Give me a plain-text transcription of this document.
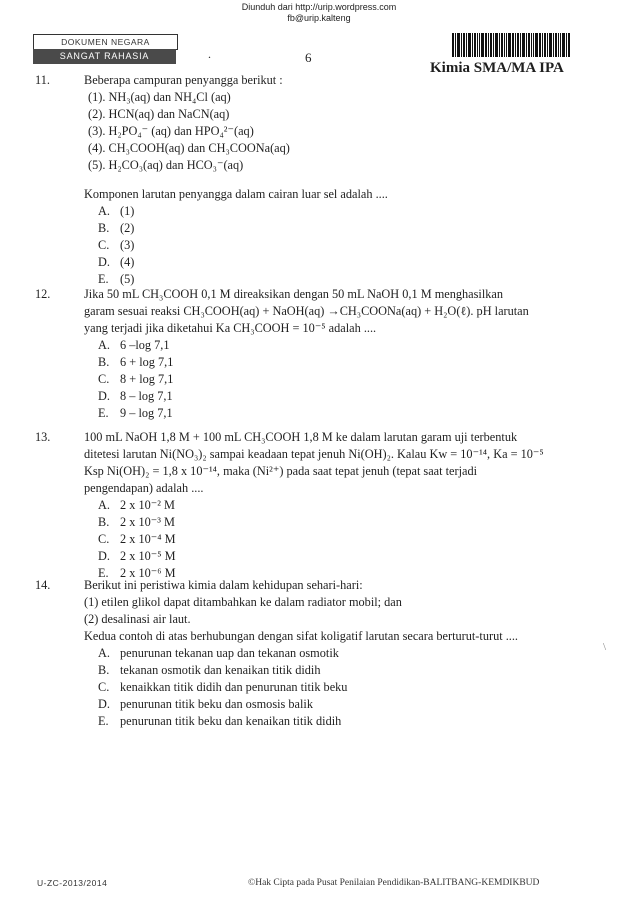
Diunduh dari http://urip.wordpress.com
fb@urip.kalteng
DOKUMEN NEGARA
SANGAT RAHASIA	.	6
Kimia SMA/MA IPA
11.	Beberapa campuran penyangga berikut :
(1). NH₃(aq) dan NH₄Cl (aq)
(2). HCN(aq) dan NaCN(aq)
(3). H₂PO₄⁻ (aq) dan HPO₄²⁻(aq)
(4). CH₃COOH(aq) dan CH₃COONa(aq)
(5). H₂CO₃(aq) dan HCO₃⁻(aq)
Komponen larutan penyangga dalam cairan luar sel adalah ....
A. (1)
B. (2)
C. (3)
D. (4)
E. (5)
12.	Jika 50 mL CH₃COOH 0,1 M direaksikan dengan 50 mL NaOH 0,1 M menghasilkan
garam sesuai reaksi CH₃COOH(aq) + NaOH(aq) →CH₃COONa(aq) + H₂O(ℓ). pH larutan
yang terjadi jika diketahui Ka CH₃COOH = 10⁻⁵ adalah ....
A. 6 –log 7,1
B. 6 + log 7,1
C. 8 + log 7,1
D. 8 – log 7,1
E. 9 – log 7,1
13.	100 mL NaOH 1,8 M + 100 mL CH₃COOH 1,8 M ke dalam larutan garam uji terbentuk
ditetesi larutan Ni(NO₃)₂ sampai keadaan tepat jenuh Ni(OH)₂. Kalau Kw = 10⁻¹⁴, Ka = 10⁻⁵
Ksp Ni(OH)₂ = 1,8 x 10⁻¹⁴, maka (Ni²⁺) pada saat tepat jenuh (tepat saat terjadi
pengendapan) adalah ....
A. 2 x 10⁻² M
B. 2 x 10⁻³ M
C. 2 x 10⁻⁴ M
D. 2 x 10⁻⁵ M
E. 2 x 10⁻⁶ M
14.	Berikut ini peristiwa kimia dalam kehidupan sehari-hari:
(1) etilen glikol dapat ditambahkan ke dalam radiator mobil; dan
(2) desalinasi air laut.
Kedua contoh di atas berhubungan dengan sifat koligatif larutan secara berturut-turut ....
A. penurunan tekanan uap dan tekanan osmotik
B. tekanan osmotik dan kenaikan titik didih
C. kenaikkan titik didih dan penurunan titik beku
D. penurunan titik beku dan osmosis balik
E. penurunan titik beku dan kenaikan titik didih
\
U-ZC-2013/2014	©Hak Cipta pada Pusat Penilaian Pendidikan-BALITBANG-KEMDIKBUD
